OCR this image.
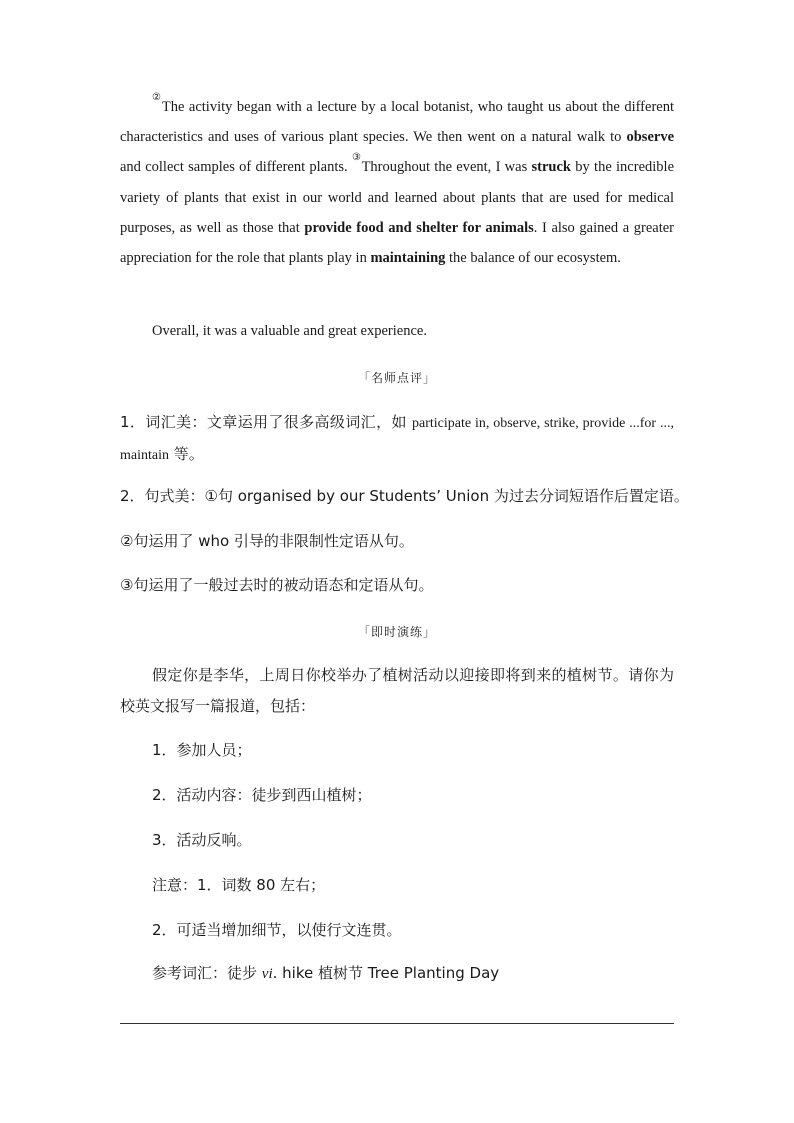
②The activity began with a lecture by a local botanist, who taught us about the different characteristics and uses of various plant species. We then went on a natural walk to observe and collect samples of different plants. ③Throughout the event, I was struck by the incredible variety of plants that exist in our world and learned about plants that are used for medical purposes, as well as those that provide food and shelter for animals. I also gained a greater appreciation for the role that plants play in maintaining the balance of our ecosystem.

Overall, it was a valuable and great experience.

「名师点评」

1．词汇美：文章运用了很多高级词汇，如 participate in, observe, strike, provide ...for ..., maintain 等。

2．句式美：①句 organised by our Students’ Union 为过去分词短语作后置定语。

②句运用了 who 引导的非限制性定语从句。

③句运用了一般过去时的被动语态和定语从句。

「即时演练」

假定你是李华，上周日你校举办了植树活动以迎接即将到来的植树节。请你为校英文报写一篇报道，包括：

1．参加人员；

2．活动内容：徒步到西山植树；

3．活动反响。

注意：1．词数 80 左右；

2．可适当增加细节，以使行文连贯。

参考词汇：徒步 vi. hike 植树节 Tree Planting Day
